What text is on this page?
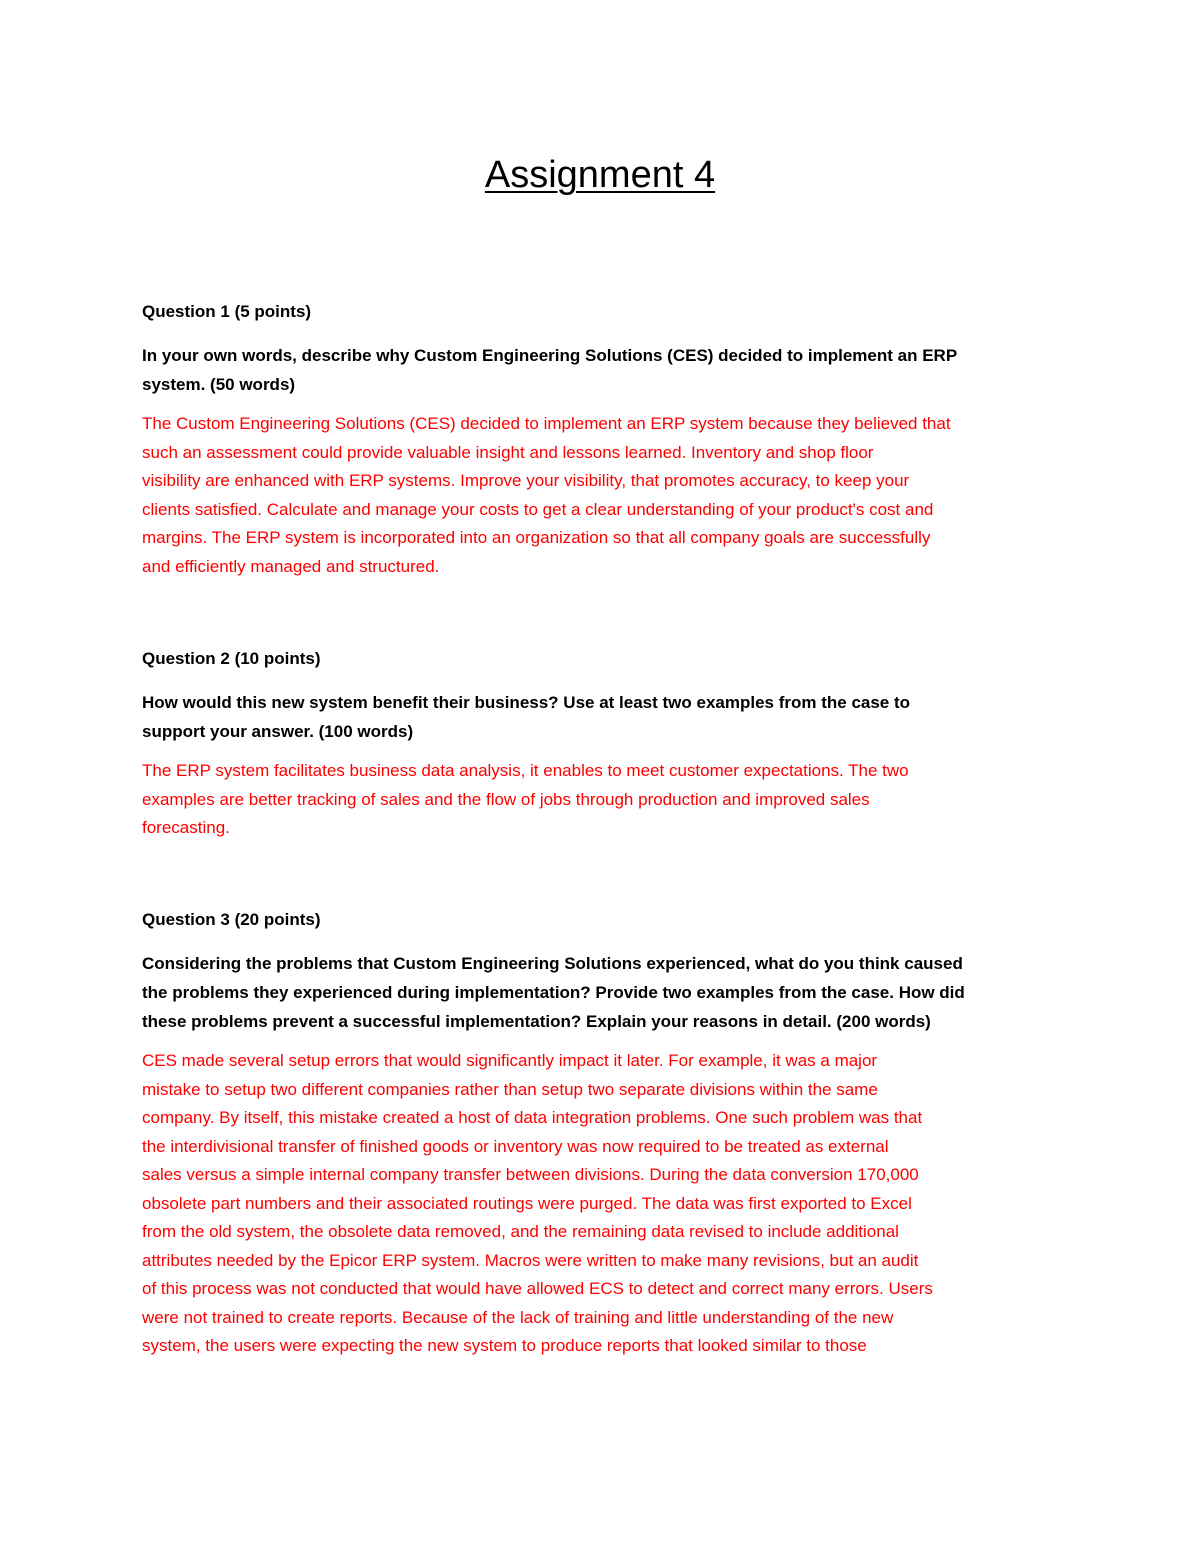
Assignment 4
Question 1 (5 points)
In your own words, describe why Custom Engineering Solutions (CES) decided to implement an ERP
system. (50 words)
The Custom Engineering Solutions (CES) decided to implement an ERP system because they believed that
such an assessment could provide valuable insight and lessons learned. Inventory and shop floor
visibility are enhanced with ERP systems. Improve your visibility, that promotes accuracy, to keep your
clients satisfied. Calculate and manage your costs to get a clear understanding of your product's cost and
margins. The ERP system is incorporated into an organization so that all company goals are successfully
and efficiently managed and structured.
Question 2 (10 points)
How would this new system benefit their business? Use at least two examples from the case to
support your answer. (100 words)
The ERP system facilitates business data analysis, it enables to meet customer expectations. The two
examples are better tracking of sales and the flow of jobs through production and improved sales
forecasting.
Question 3 (20 points)
Considering the problems that Custom Engineering Solutions experienced, what do you think caused
the problems they experienced during implementation? Provide two examples from the case. How did
these problems prevent a successful implementation? Explain your reasons in detail. (200 words)
CES made several setup errors that would significantly impact it later. For example, it was a major
mistake to setup two different companies rather than setup two separate divisions within the same
company. By itself, this mistake created a host of data integration problems. One such problem was that
the interdivisional transfer of finished goods or inventory was now required to be treated as external
sales versus a simple internal company transfer between divisions. During the data conversion 170,000
obsolete part numbers and their associated routings were purged. The data was first exported to Excel
from the old system, the obsolete data removed, and the remaining data revised to include additional
attributes needed by the Epicor ERP system. Macros were written to make many revisions, but an audit
of this process was not conducted that would have allowed ECS to detect and correct many errors. Users
were not trained to create reports. Because of the lack of training and little understanding of the new
system, the users were expecting the new system to produce reports that looked similar to those
